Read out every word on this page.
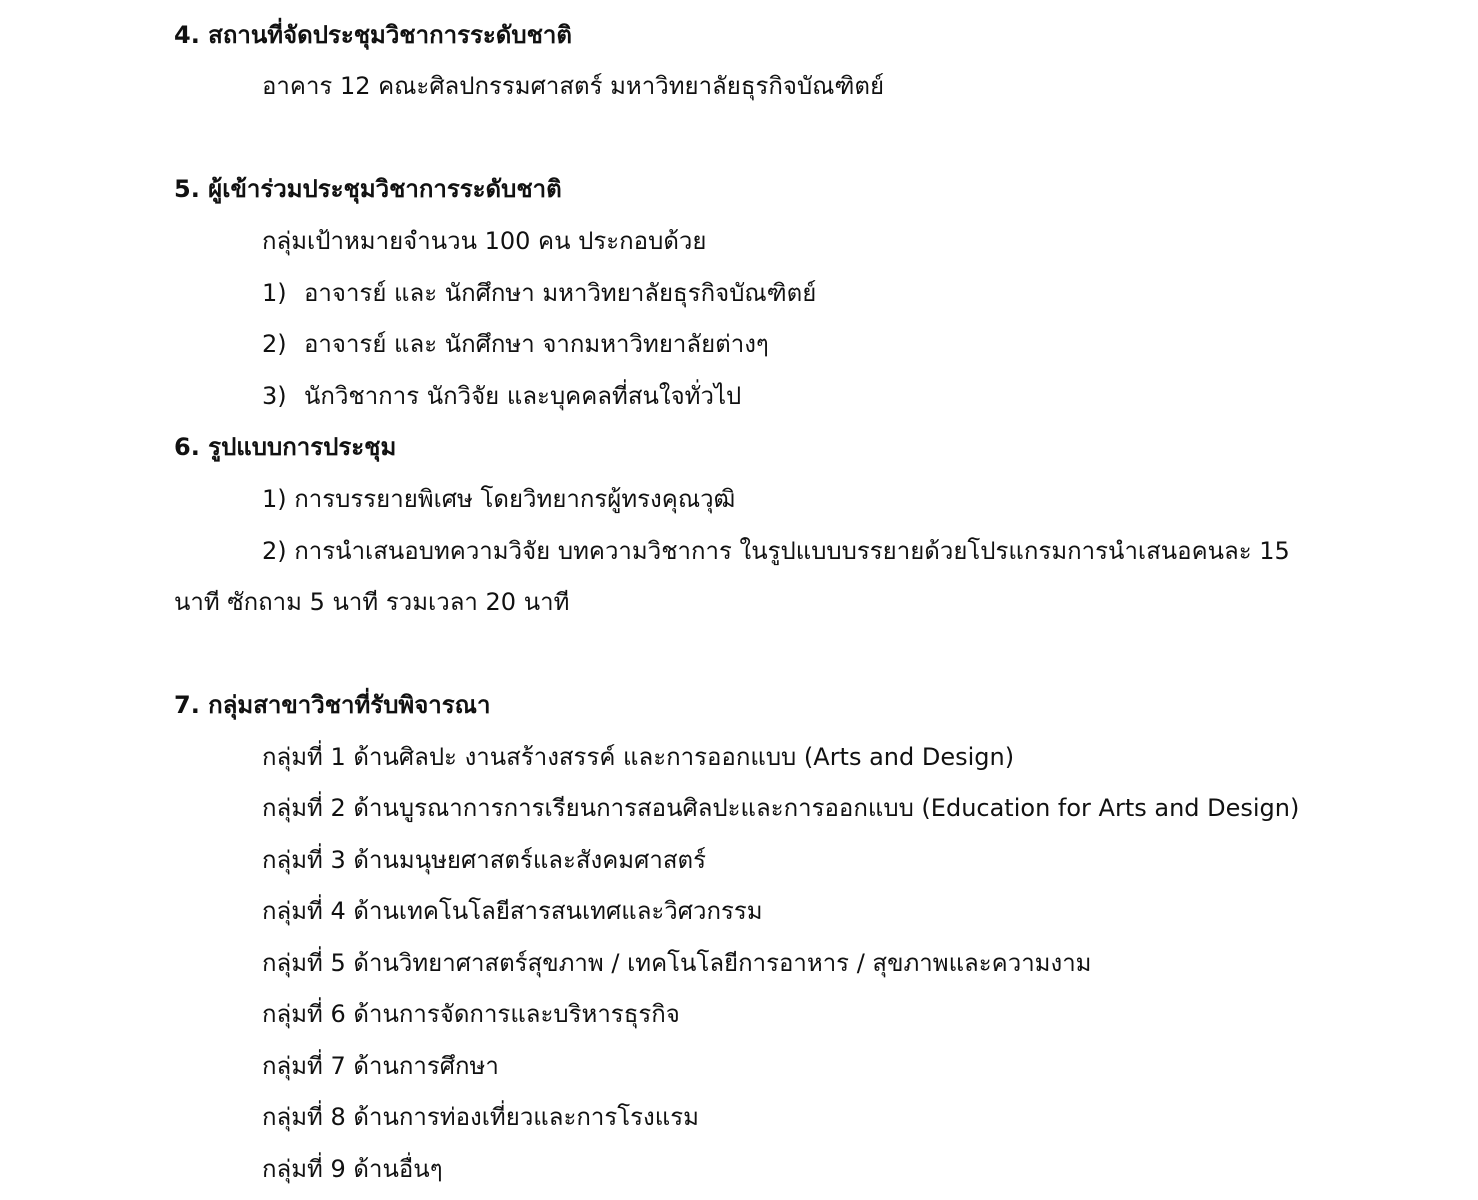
4. สถานที่จัดประชุมวิชาการระดับชาติ
อาคาร 12 คณะศิลปกรรมศาสตร์ มหาวิทยาลัยธุรกิจบัณฑิตย์
5. ผู้เข้าร่วมประชุมวิชาการระดับชาติ
กลุ่มเป้าหมายจำนวน 100 คน ประกอบด้วย
1) อาจารย์ และ นักศึกษา มหาวิทยาลัยธุรกิจบัณฑิตย์
2) อาจารย์ และ นักศึกษา จากมหาวิทยาลัยต่างๆ
3) นักวิชาการ นักวิจัย และบุคคลที่สนใจทั่วไป
6. รูปแบบการประชุม
1) การบรรยายพิเศษ โดยวิทยากรผู้ทรงคุณวุฒิ
2) การนำเสนอบทความวิจัย บทความวิชาการ ในรูปแบบบรรยายด้วยโปรแกรมการนำเสนอคนละ 15
นาที ซักถาม 5 นาที รวมเวลา 20 นาที
7. กลุ่มสาขาวิชาที่รับพิจารณา
กลุ่มที่ 1 ด้านศิลปะ งานสร้างสรรค์ และการออกแบบ (Arts and Design)
กลุ่มที่ 2 ด้านบูรณาการการเรียนการสอนศิลปะและการออกแบบ (Education for Arts and Design)
กลุ่มที่ 3 ด้านมนุษยศาสตร์และสังคมศาสตร์
กลุ่มที่ 4 ด้านเทคโนโลยีสารสนเทศและวิศวกรรม
กลุ่มที่ 5 ด้านวิทยาศาสตร์สุขภาพ / เทคโนโลยีการอาหาร / สุขภาพและความงาม
กลุ่มที่ 6 ด้านการจัดการและบริหารธุรกิจ
กลุ่มที่ 7 ด้านการศึกษา
กลุ่มที่ 8 ด้านการท่องเที่ยวและการโรงแรม
กลุ่มที่ 9 ด้านอื่นๆ
